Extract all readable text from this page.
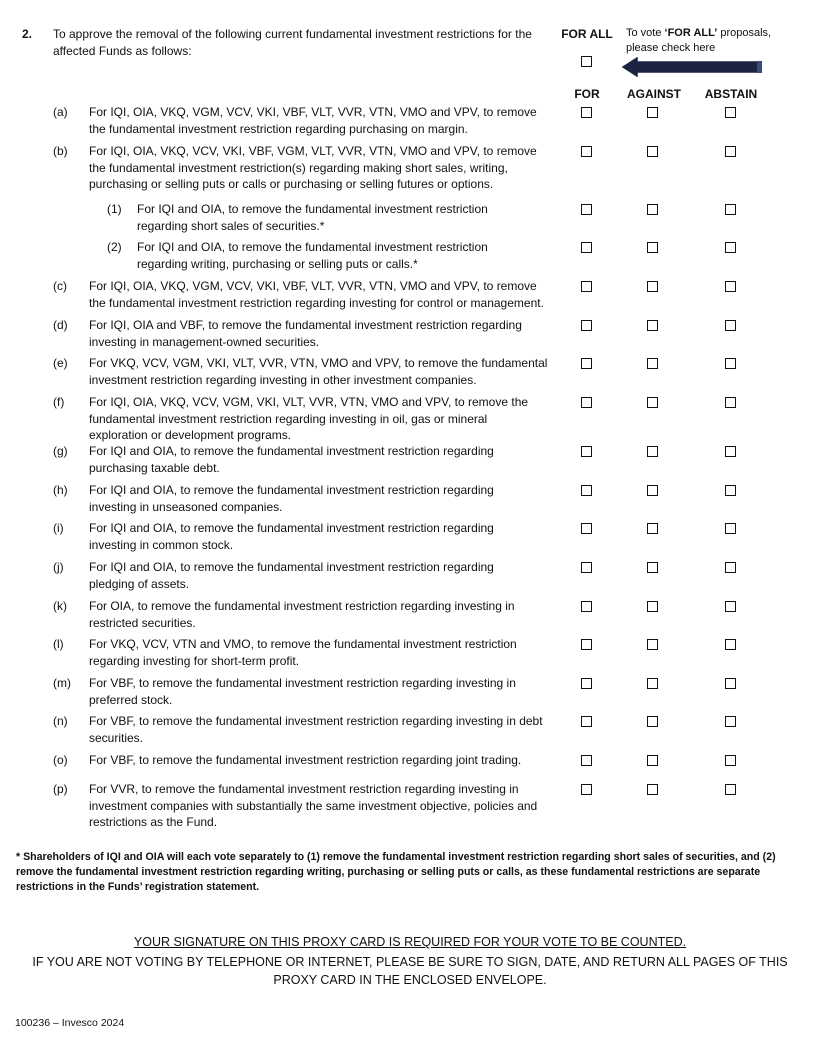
2. To approve the removal of the following current fundamental investment restrictions for the affected Funds as follows:
FOR ALL To vote ‘FOR ALL’ proposals, please check here
FOR	AGAINST	ABSTAIN
(a) For IQI, OIA, VKQ, VGM, VCV, VKI, VBF, VLT, VVR, VTN, VMO and VPV, to remove the fundamental investment restriction regarding purchasing on margin.
(b) For IQI, OIA, VKQ, VCV, VKI, VBF, VGM, VLT, VVR, VTN, VMO and VPV, to remove the fundamental investment restriction(s) regarding making short sales, writing, purchasing or selling puts or calls or purchasing or selling futures or options.
(1) For IQI and OIA, to remove the fundamental investment restriction regarding short sales of securities.*
(2) For IQI and OIA, to remove the fundamental investment restriction regarding writing, purchasing or selling puts or calls.*
(c) For IQI, OIA, VKQ, VGM, VCV, VKI, VBF, VLT, VVR, VTN, VMO and VPV, to remove the fundamental investment restriction regarding investing for control or management.
(d) For IQI, OIA and VBF, to remove the fundamental investment restriction regarding investing in management-owned securities.
(e) For VKQ, VCV, VGM, VKI, VLT, VVR, VTN, VMO and VPV, to remove the fundamental investment restriction regarding investing in other investment companies.
(f) For IQI, OIA, VKQ, VCV, VGM, VKI, VLT, VVR, VTN, VMO and VPV, to remove the fundamental investment restriction regarding investing in oil, gas or mineral exploration or development programs.
(g) For IQI and OIA, to remove the fundamental investment restriction regarding purchasing taxable debt.
(h) For IQI and OIA, to remove the fundamental investment restriction regarding investing in unseasoned companies.
(i) For IQI and OIA, to remove the fundamental investment restriction regarding investing in common stock.
(j) For IQI and OIA, to remove the fundamental investment restriction regarding pledging of assets.
(k) For OIA, to remove the fundamental investment restriction regarding investing in restricted securities.
(l) For VKQ, VCV, VTN and VMO, to remove the fundamental investment restriction regarding investing for short-term profit.
(m) For VBF, to remove the fundamental investment restriction regarding investing in preferred stock.
(n) For VBF, to remove the fundamental investment restriction regarding investing in debt securities.
(o) For VBF, to remove the fundamental investment restriction regarding joint trading.
(p) For VVR, to remove the fundamental investment restriction regarding investing in investment companies with substantially the same investment objective, policies and restrictions as the Fund.
* Shareholders of IQI and OIA will each vote separately to (1) remove the fundamental investment restriction regarding short sales of securities, and (2) remove the fundamental investment restriction regarding writing, purchasing or selling puts or calls, as these fundamental restrictions are separate restrictions in the Funds’ registration statement.
YOUR SIGNATURE ON THIS PROXY CARD IS REQUIRED FOR YOUR VOTE TO BE COUNTED.
IF YOU ARE NOT VOTING BY TELEPHONE OR INTERNET, PLEASE BE SURE TO SIGN, DATE, AND RETURN ALL PAGES OF THIS PROXY CARD IN THE ENCLOSED ENVELOPE.
100236 – Invesco 2024
